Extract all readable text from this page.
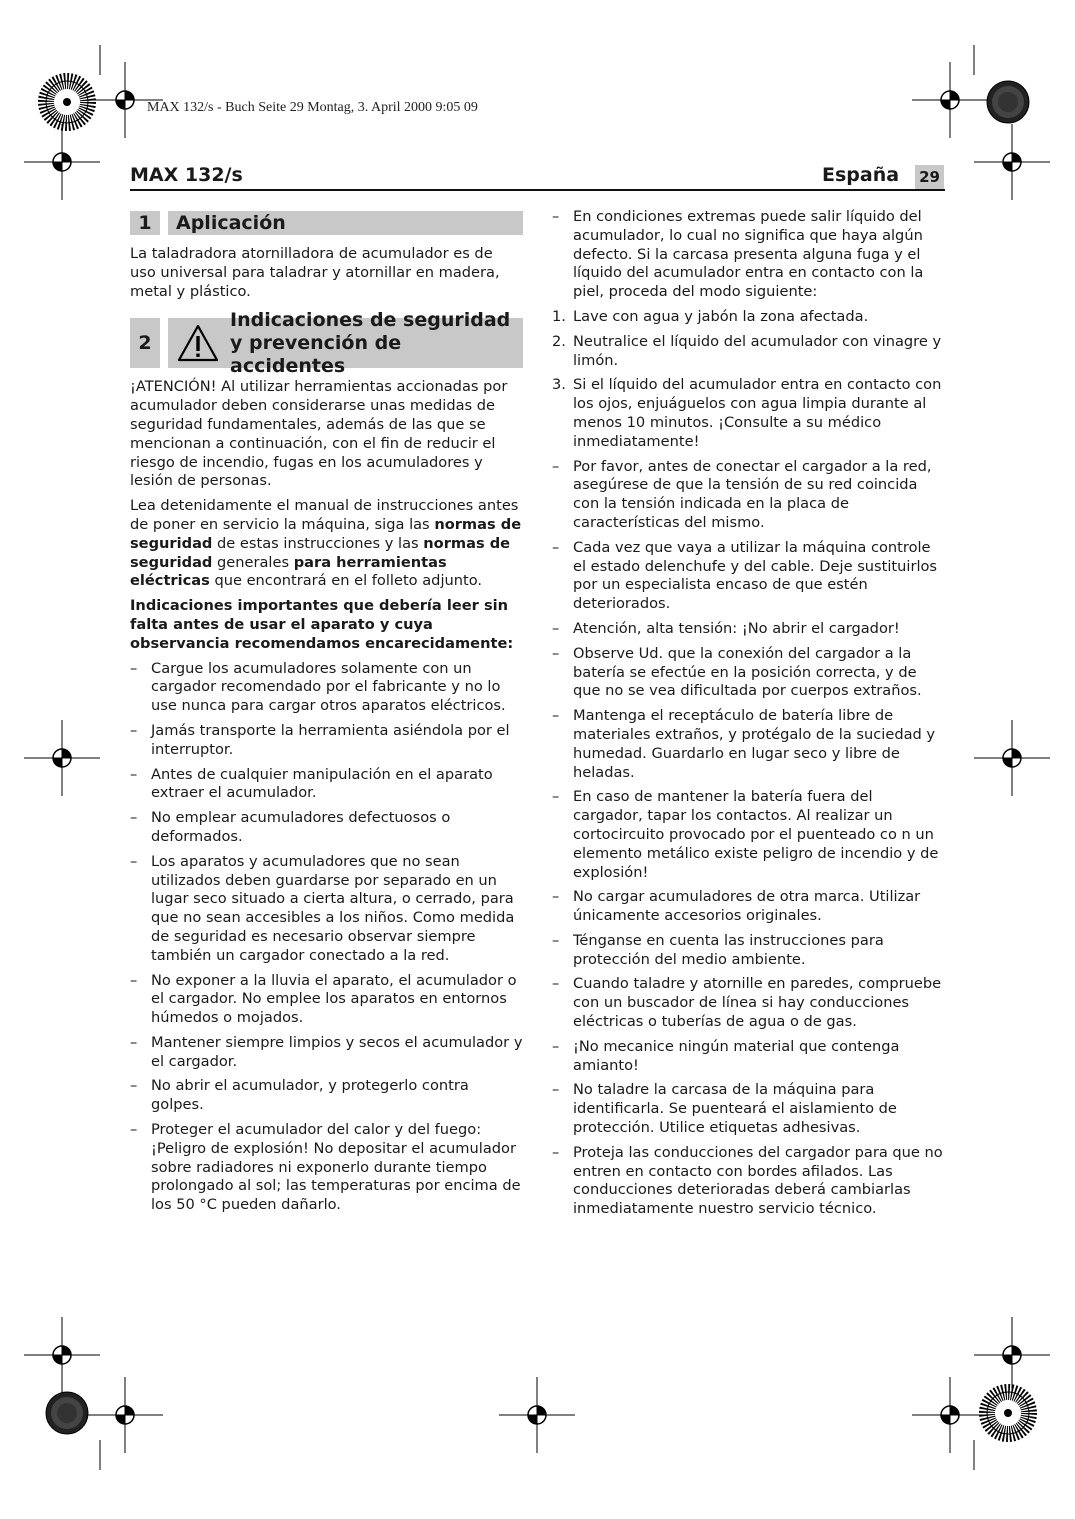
MAX 132/s - Buch Seite 29 Montag, 3. April 2000 9:05 09
MAX 132/s	España 29
1	Aplicación

La taladradora atornilladora de acumulador es de uso universal para taladrar y atornillar en madera, metal y plástico.

2
Indicaciones de seguridad y prevención de accidentes

¡ATENCIÓN! Al utilizar herramientas accionadas por acumulador deben considerarse unas medidas de seguridad fundamentales, además de las que se mencionan a continuación, con el fin de reducir el riesgo de incendio, fugas en los acumuladores y lesión de personas.

Lea detenidamente el manual de instrucciones antes de poner en servicio la máquina, siga las normas de seguridad de estas instrucciones y las normas de seguridad generales para herramientas eléctricas que encontrará en el folleto adjunto.

Indicaciones importantes que debería leer sin falta antes de usar el aparato y cuya observancia recomendamos encarecidamente:

– Cargue los acumuladores solamente con un cargador recomendado por el fabricante y no lo use nunca para cargar otros aparatos eléctricos.
– Jamás transporte la herramienta asiéndola por el interruptor.
– Antes de cualquier manipulación en el aparato extraer el acumulador.
– No emplear acumuladores defectuosos o deformados.
– Los aparatos y acumuladores que no sean utilizados deben guardarse por separado en un lugar seco situado a cierta altura, o cerrado, para que no sean accesibles a los niños. Como medida de seguridad es necesario observar siempre también un cargador conectado a la red.
– No exponer a la lluvia el aparato, el acumulador o el cargador. No emplee los aparatos en entornos húmedos o mojados.
– Mantener siempre limpios y secos el acumulador y el cargador.
– No abrir el acumulador, y protegerlo contra golpes.
– Proteger el acumulador del calor y del fuego: ¡Peligro de explosión! No depositar el acumulador sobre radiadores ni exponerlo durante tiempo prolongado al sol; las temperaturas por encima de los 50 °C pueden dañarlo.
– En condiciones extremas puede salir líquido del acumulador, lo cual no significa que haya algún defecto. Si la carcasa presenta alguna fuga y el líquido del acumulador entra en contacto con la piel, proceda del modo siguiente:
1. Lave con agua y jabón la zona afectada.
2. Neutralice el líquido del acumulador con vinagre y limón.
3. Si el líquido del acumulador entra en contacto con los ojos, enjuáguelos con agua limpia durante al menos 10 minutos. ¡Consulte a su médico inmediatamente!
– Por favor, antes de conectar el cargador a la red, asegúrese de que la tensión de su red coincida con la tensión indicada en la placa de características del mismo.
– Cada vez que vaya a utilizar la máquina controle el estado delenchufe y del cable. Deje sustituirlos por un especialista encaso de que estén deteriorados.
– Atención, alta tensión: ¡No abrir el cargador!
– Observe Ud. que la conexión del cargador a la batería se efectúe en la posición correcta, y de que no se vea dificultada por cuerpos extraños.
– Mantenga el receptáculo de batería libre de materiales extraños, y protégalo de la suciedad y humedad. Guardarlo en lugar seco y libre de heladas.
– En caso de mantener la batería fuera del cargador, tapar los contactos. Al realizar un cortocircuito provocado por el puenteado co n un elemento metálico existe peligro de incendio y de explosión!
– No cargar acumuladores de otra marca. Utilizar únicamente accesorios originales.
– Ténganse en cuenta las instrucciones para protección del medio ambiente.
– Cuando taladre y atornille en paredes, compruebe con un buscador de línea si hay conducciones eléctricas o tuberías de agua o de gas.
– ¡No mecanice ningún material que contenga amianto!
– No taladre la carcasa de la máquina para identificarla. Se puenteará el aislamiento de protección. Utilice etiquetas adhesivas.
– Proteja las conducciones del cargador para que no entren en contacto con bordes afilados. Las conducciones deterioradas deberá cambiarlas inmediatamente nuestro servicio técnico.
